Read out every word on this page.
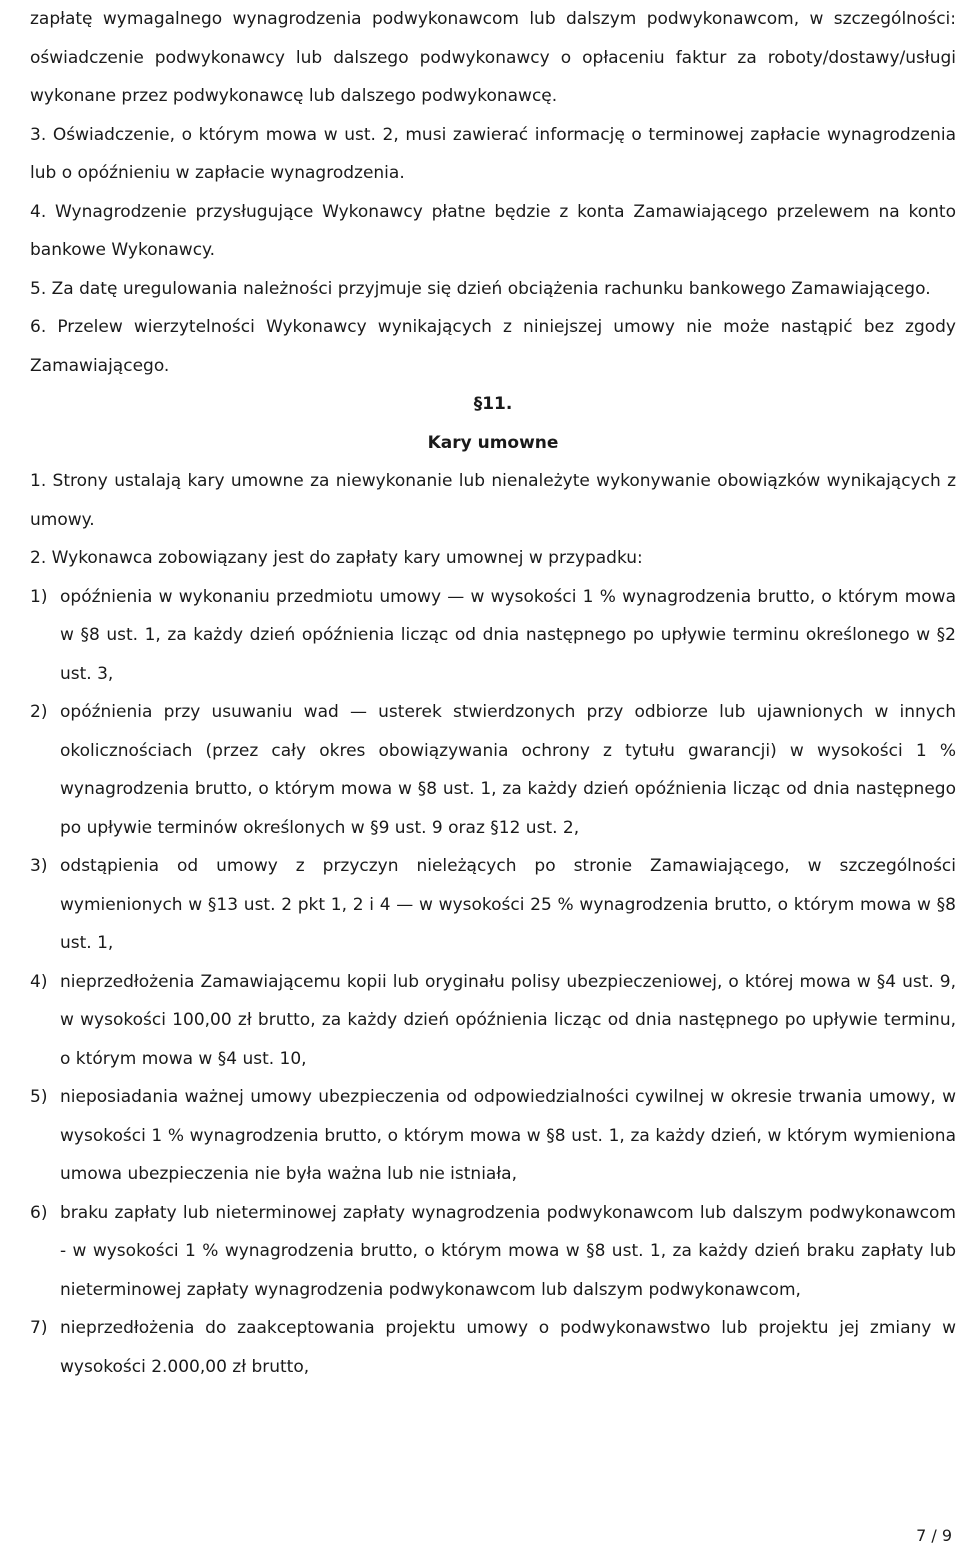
zapłatę wymagalnego wynagrodzenia podwykonawcom lub dalszym podwykonawcom, w szczególności: oświadczenie podwykonawcy lub dalszego podwykonawcy o opłaceniu faktur za roboty/dostawy/usługi wykonane przez podwykonawcę lub dalszego podwykonawcę.

3. Oświadczenie, o którym mowa w ust. 2, musi zawierać informację o terminowej zapłacie wynagrodzenia lub o opóźnieniu w zapłacie wynagrodzenia.

4. Wynagrodzenie przysługujące Wykonawcy płatne będzie z konta Zamawiającego przelewem na konto bankowe Wykonawcy.

5. Za datę uregulowania należności przyjmuje się dzień obciążenia rachunku bankowego Zamawiającego.

6. Przelew wierzytelności Wykonawcy wynikających z niniejszej umowy nie może nastąpić bez zgody Zamawiającego.

§11.

Kary umowne

1. Strony ustalają kary umowne za niewykonanie lub nienależyte wykonywanie obowiązków wynikających z umowy.

2. Wykonawca zobowiązany jest do zapłaty kary umownej w przypadku:

1) opóźnienia w wykonaniu przedmiotu umowy — w wysokości 1 % wynagrodzenia brutto, o którym mowa w §8 ust. 1, za każdy dzień opóźnienia licząc od dnia następnego po upływie terminu określonego w §2 ust. 3,
2) opóźnienia przy usuwaniu wad — usterek stwierdzonych przy odbiorze lub ujawnionych w innych okolicznościach (przez cały okres obowiązywania ochrony z tytułu gwarancji) w wysokości 1 % wynagrodzenia brutto, o którym mowa w §8 ust. 1, za każdy dzień opóźnienia licząc od dnia następnego po upływie terminów określonych w §9 ust. 9 oraz §12 ust. 2,
3) odstąpienia od umowy z przyczyn nieleżących po stronie Zamawiającego, w szczególności wymienionych w §13 ust. 2 pkt 1, 2 i 4 — w wysokości 25 % wynagrodzenia brutto, o którym mowa w §8 ust. 1,
4) nieprzedłożenia Zamawiającemu kopii lub oryginału polisy ubezpieczeniowej, o której mowa w §4 ust. 9, w wysokości 100,00 zł brutto, za każdy dzień opóźnienia licząc od dnia następnego po upływie terminu, o którym mowa w §4 ust. 10,
5) nieposiadania ważnej umowy ubezpieczenia od odpowiedzialności cywilnej w okresie trwania umowy, w wysokości 1 % wynagrodzenia brutto, o którym mowa w §8 ust. 1, za każdy dzień, w którym wymieniona umowa ubezpieczenia nie była ważna lub nie istniała,
6) braku zapłaty lub nieterminowej zapłaty wynagrodzenia podwykonawcom lub dalszym podwykonawcom - w wysokości 1 % wynagrodzenia brutto, o którym mowa w §8 ust. 1, za każdy dzień braku zapłaty lub nieterminowej zapłaty wynagrodzenia podwykonawcom lub dalszym podwykonawcom,
7) nieprzedłożenia do zaakceptowania projektu umowy o podwykonawstwo lub projektu jej zmiany w wysokości 2.000,00 zł brutto,
7 / 9
